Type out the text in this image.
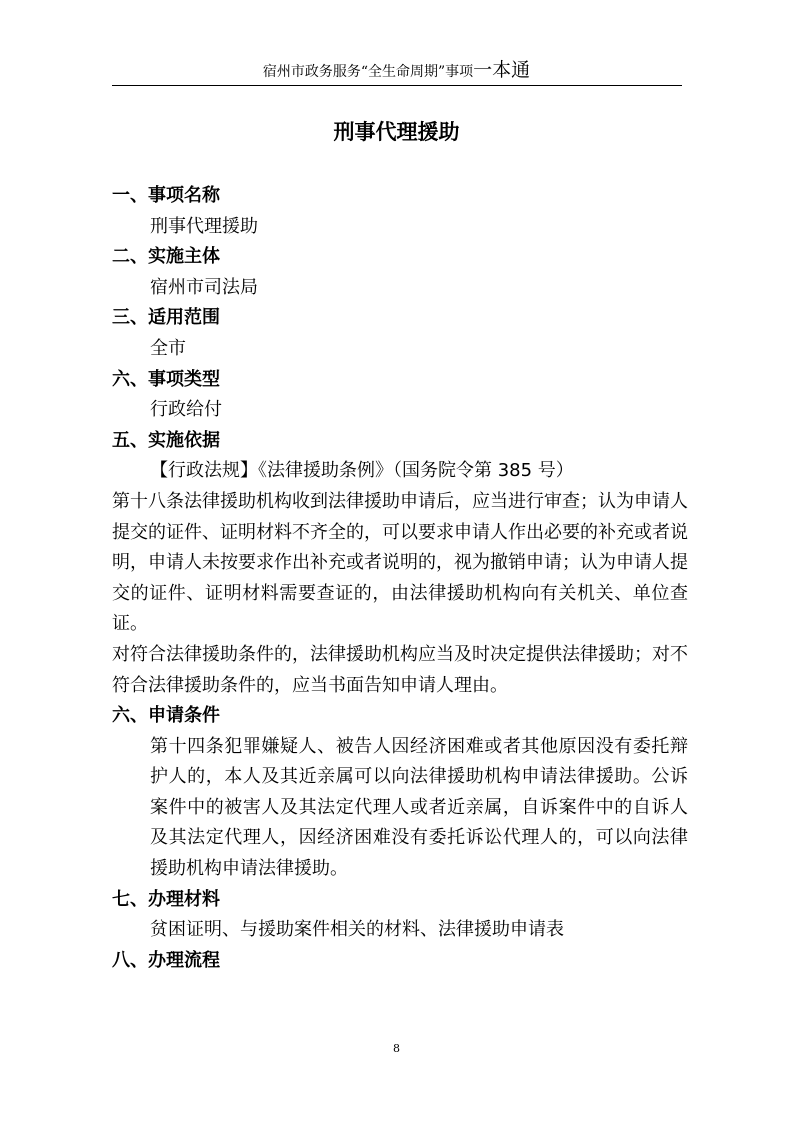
宿州市政务服务“全生命周期”事项一本通
刑事代理援助

一、事项名称

刑事代理援助

二、实施主体

宿州市司法局

三、适用范围

全市

六、事项类型

行政给付

五、实施依据

【行政法规】《法律援助条例》（国务院令第 385 号）

第十八条法律援助机构收到法律援助申请后，应当进行审查；认为申请人提交的证件、证明材料不齐全的，可以要求申请人作出必要的补充或者说明，申请人未按要求作出补充或者说明的，视为撤销申请；认为申请人提交的证件、证明材料需要查证的，由法律援助机构向有关机关、单位查证。

对符合法律援助条件的，法律援助机构应当及时决定提供法律援助；对不符合法律援助条件的，应当书面告知申请人理由。

六、申请条件

第十四条犯罪嫌疑人、被告人因经济困难或者其他原因没有委托辩护人的，本人及其近亲属可以向法律援助机构申请法律援助。公诉案件中的被害人及其法定代理人或者近亲属，自诉案件中的自诉人及其法定代理人，因经济困难没有委托诉讼代理人的，可以向法律援助机构申请法律援助。

七、办理材料

贫困证明、与援助案件相关的材料、法律援助申请表

八、办理流程

8
